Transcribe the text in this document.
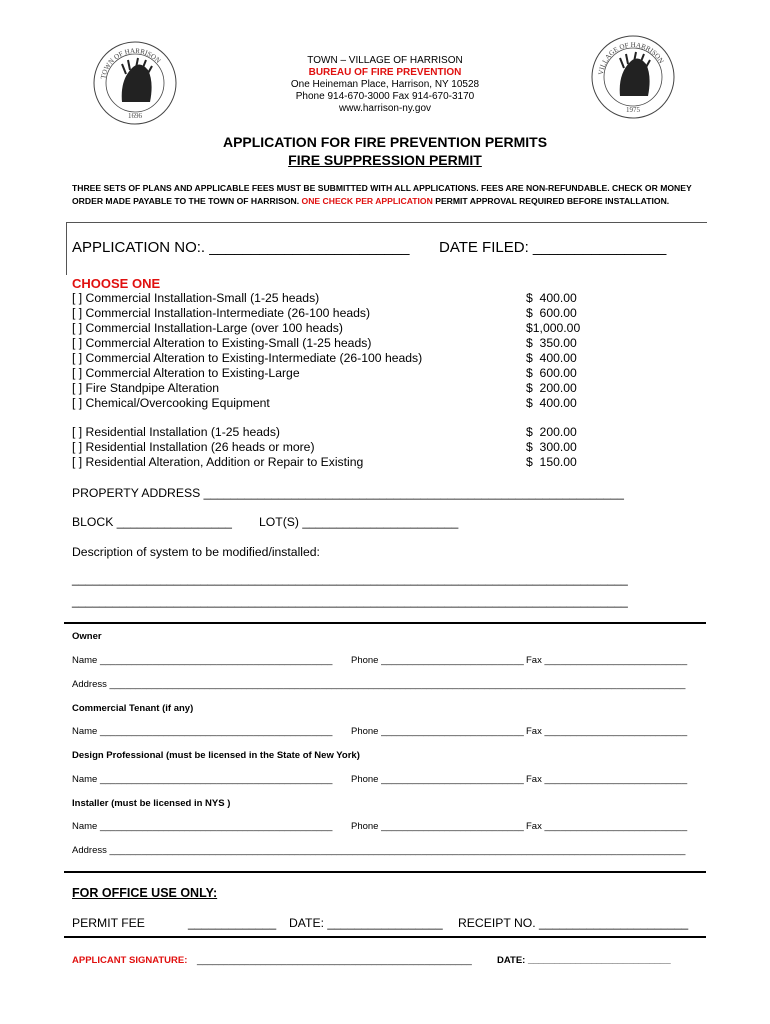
TOWN OF HARRISON
1696
VILLAGE OF HARRISON
1975
TOWN – VILLAGE OF HARRISON
BUREAU OF FIRE PREVENTION
One Heineman Place, Harrison, NY 10528
Phone 914-670-3000 Fax 914-670-3170
www.harrison-ny.gov
APPLICATION FOR FIRE PREVENTION PERMITS
FIRE SUPPRESSION PERMIT
THREE SETS OF PLANS AND APPLICABLE FEES MUST BE SUBMITTED WITH ALL APPLICATIONS. FEES ARE NON-REFUNDABLE. CHECK OR MONEY ORDER MADE PAYABLE TO THE TOWN OF HARRISON. ONE CHECK PER APPLICATION PERMIT APPROVAL REQUIRED BEFORE INSTALLATION.
APPLICATION NO:. ________________________ DATE FILED: ________________
CHOOSE ONE
[ ] Commercial Installation-Small (1-25 heads)	$  400.00
[ ] Commercial Installation-Intermediate (26-100 heads)	$  600.00
[ ] Commercial Installation-Large (over 100 heads)	$1,000.00
[ ] Commercial Alteration to Existing-Small (1-25 heads)	$  350.00
[ ] Commercial Alteration to Existing-Intermediate (26-100 heads)	$  400.00
[ ] Commercial Alteration to Existing-Large	$  600.00
[ ] Fire Standpipe Alteration	$  200.00
[ ] Chemical/Overcooking Equipment	$  400.00
[ ] Residential Installation (1-25 heads)	$  200.00
[ ] Residential Installation (26 heads or more)	$  300.00
[ ] Residential Alteration, Addition or Repair to Existing	$  150.00
PROPERTY ADDRESS ______________________________________________________________
BLOCK _________________ LOT(S) _______________________
Description of system to be modified/installed:
__________________________________________________________________________________
__________________________________________________________________________________
Owner
Name ____________________________________________ Phone ___________________________ Fax ___________________________
Address _____________________________________________________________________________________________________________
Commercial Tenant (if any)
Name ____________________________________________ Phone ___________________________ Fax ___________________________
Design Professional (must be licensed in the State of New York)
Name ____________________________________________ Phone ___________________________ Fax ___________________________
Installer (must be licensed in NYS )
Name ____________________________________________ Phone ___________________________ Fax ___________________________
Address _____________________________________________________________________________________________________________
FOR OFFICE USE ONLY:
PERMIT FEE	_____________ DATE: _________________ RECEIPT NO. ______________________
APPLICANT SIGNATURE: ____________________________________________________	DATE: ___________________________
